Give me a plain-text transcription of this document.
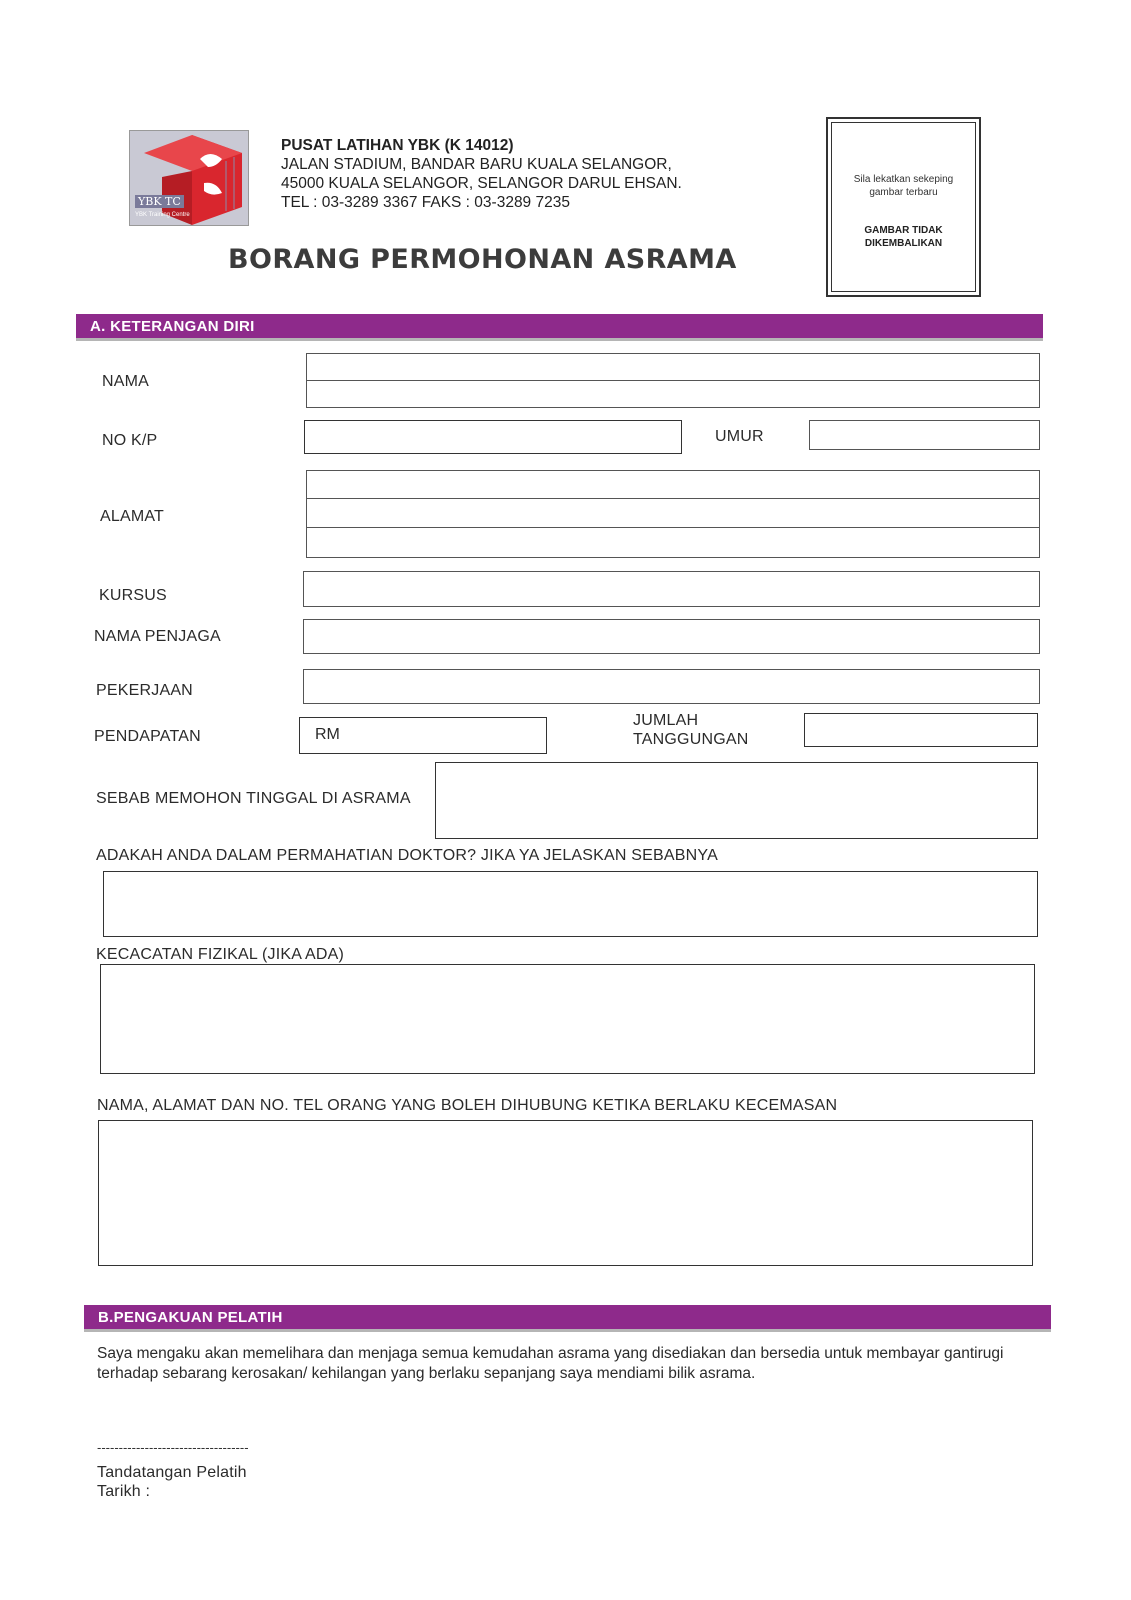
YBK TC
YBK Training Centre
PUSAT LATIHAN YBK (K 14012)
JALAN STADIUM, BANDAR BARU KUALA SELANGOR,
45000 KUALA SELANGOR, SELANGOR DARUL EHSAN.
TEL : 03-3289 3367 FAKS : 03-3289 7235
BORANG PERMOHONAN ASRAMA
Sila lekatkan sekeping gambar terbaru
GAMBAR TIDAK DIKEMBALIKAN
A. KETERANGAN DIRI
NAMA
NO K/P	UMUR
ALAMAT
KURSUS
NAMA PENJAGA
PEKERJAAN
PENDAPATAN	RM
JUMLAH
TANGGUNGAN
SEBAB MEMOHON TINGGAL DI ASRAMA
ADAKAH ANDA DALAM PERMAHATIAN DOKTOR? JIKA YA JELASKAN SEBABNYA
KECACATAN FIZIKAL (JIKA ADA)
NAMA, ALAMAT DAN NO. TEL ORANG YANG BOLEH DIHUBUNG KETIKA BERLAKU KECEMASAN
B.PENGAKUAN PELATIH
Saya mengaku akan memelihara dan menjaga semua kemudahan asrama yang disediakan dan bersedia untuk membayar gantirugi terhadap sebarang kerosakan/ kehilangan yang berlaku sepanjang saya mendiami bilik asrama.
-----------------------------------
Tandatangan Pelatih
Tarikh :
